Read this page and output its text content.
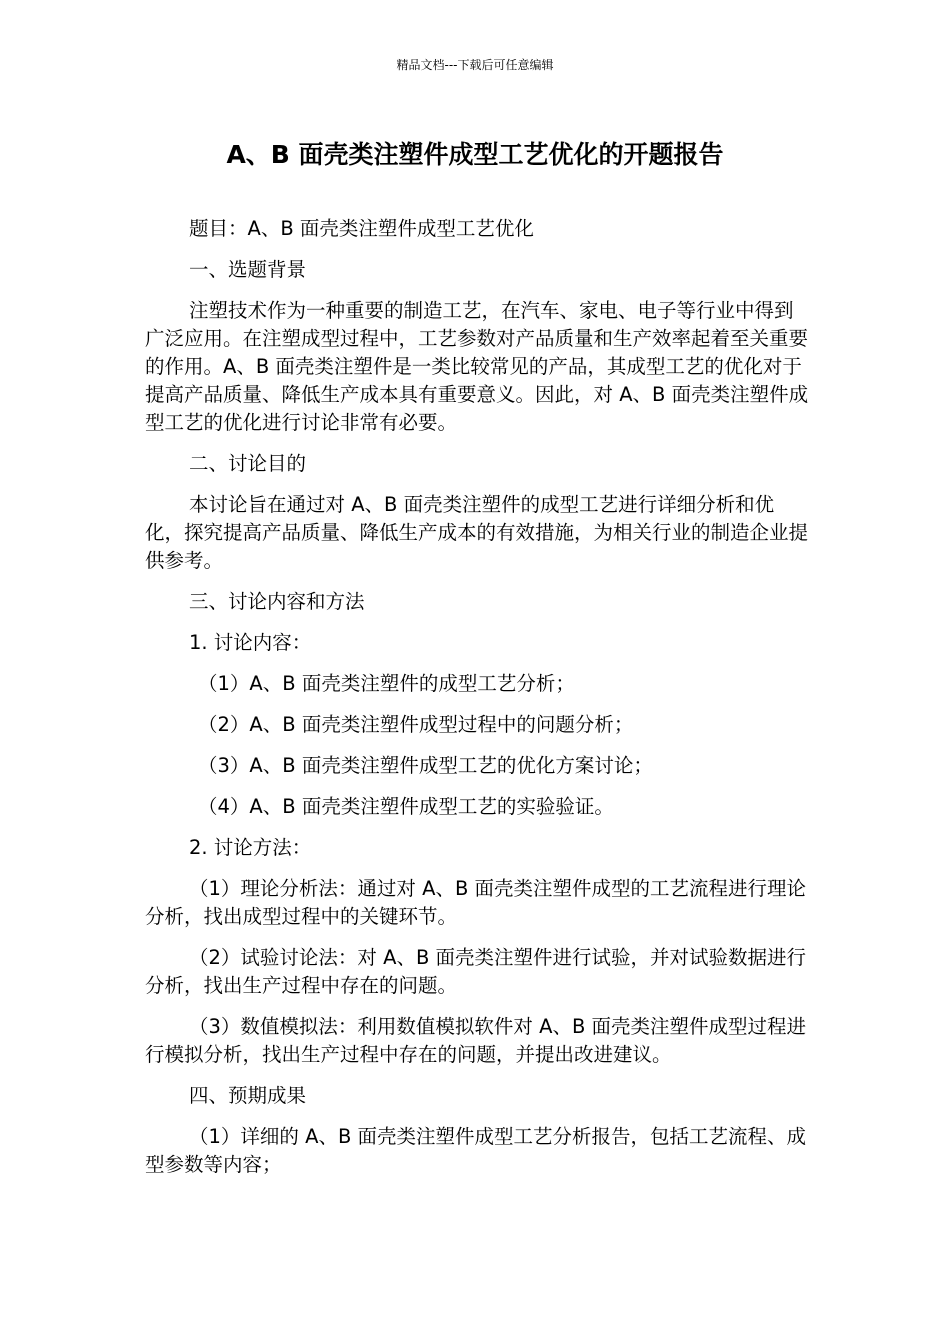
精品文档---下载后可任意编辑
A、B 面壳类注塑件成型工艺优化的开题报告

题目：A、B 面壳类注塑件成型工艺优化

一、选题背景

注塑技术作为一种重要的制造工艺，在汽车、家电、电子等行业中得到广泛应用。在注塑成型过程中，工艺参数对产品质量和生产效率起着至关重要的作用。A、B 面壳类注塑件是一类比较常见的产品，其成型工艺的优化对于提高产品质量、降低生产成本具有重要意义。因此，对 A、B 面壳类注塑件成型工艺的优化进行讨论非常有必要。

二、讨论目的

本讨论旨在通过对 A、B 面壳类注塑件的成型工艺进行详细分析和优化，探究提高产品质量、降低生产成本的有效措施，为相关行业的制造企业提供参考。

三、讨论内容和方法

1. 讨论内容：

（1）A、B 面壳类注塑件的成型工艺分析；

（2）A、B 面壳类注塑件成型过程中的问题分析；

（3）A、B 面壳类注塑件成型工艺的优化方案讨论；

（4）A、B 面壳类注塑件成型工艺的实验验证。

2. 讨论方法：

（1）理论分析法：通过对 A、B 面壳类注塑件成型的工艺流程进行理论分析，找出成型过程中的关键环节。

（2）试验讨论法：对 A、B 面壳类注塑件进行试验，并对试验数据进行分析，找出生产过程中存在的问题。

（3）数值模拟法：利用数值模拟软件对 A、B 面壳类注塑件成型过程进行模拟分析，找出生产过程中存在的问题，并提出改进建议。

四、预期成果

（1）详细的 A、B 面壳类注塑件成型工艺分析报告，包括工艺流程、成型参数等内容；
